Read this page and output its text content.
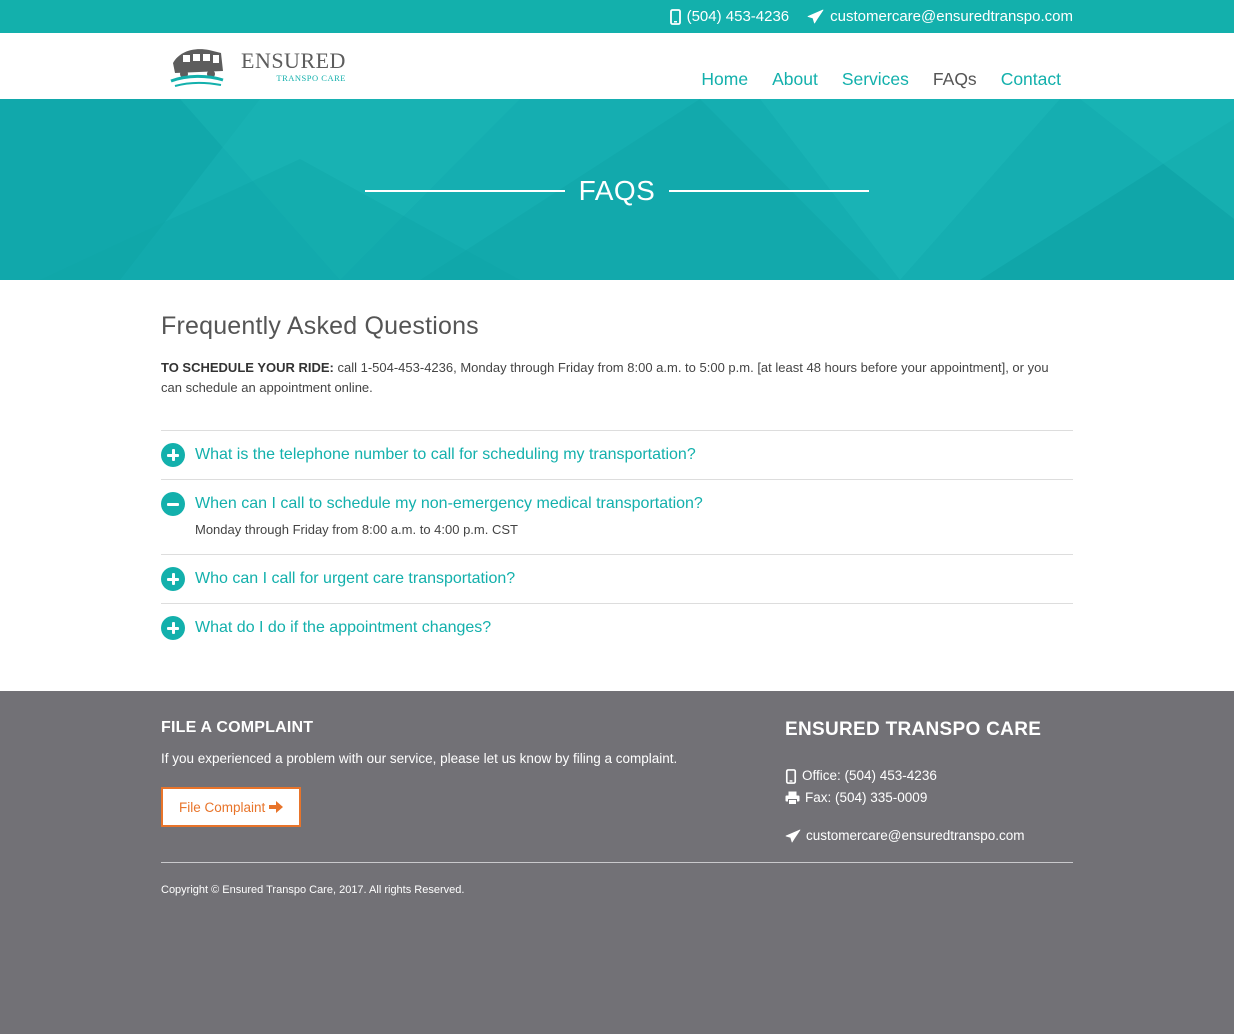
(504) 453-4236	customercare@ensuredtranspo.com
ENSURED
TRANSPO CARE	Home About Services FAQs Contact
FAQS
Frequently Asked Questions

TO SCHEDULE YOUR RIDE: call 1-504-453-4236, Monday through Friday from 8:00 a.m. to 5:00 p.m. [at least 48 hours before your appointment], or you can schedule an appointment online.

What is the telephone number to call for scheduling my transportation?
When can I call to schedule my non-emergency medical transportation?
Monday through Friday from 8:00 a.m. to 4:00 p.m. CST
Who can I call for urgent care transportation?
What do I do if the appointment changes?
FILE A COMPLAINT
If you experienced a problem with our service, please let us know by filing a complaint.
File Complaint
ENSURED TRANSPO CARE
Office: (504) 453-4236
Fax: (504) 335-0009
customercare@ensuredtranspo.com
Copyright © Ensured Transpo Care, 2017. All rights Reserved.
